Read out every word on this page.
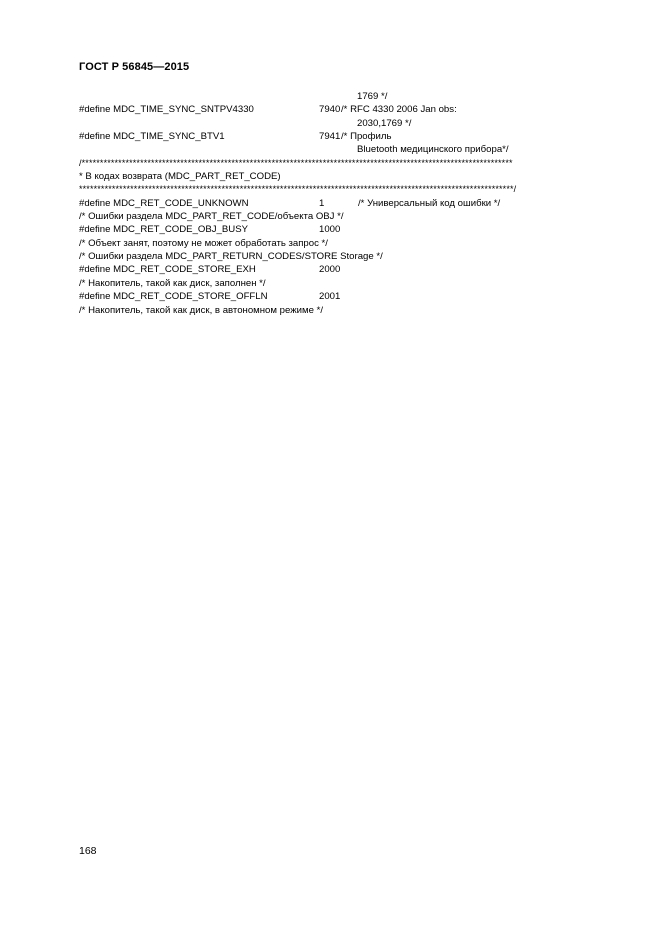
ГОСТ Р 56845—2015
1769 */
#define MDC_TIME_SYNC_SNTPV4330	7940 /* RFC 4330 2006 Jan obs:
2030,1769 */
#define MDC_TIME_SYNC_BTV1	7941 /* Профиль
Bluetooth медицинского прибора*/
/**********************************************************************************************************************
* В кодах возврата (MDC_PART_RET_CODE)
***********************************************************************************************************************/
#define MDC_RET_CODE_UNKNOWN	1	/* Универсальный код ошибки */
/* Ошибки раздела MDC_PART_RET_CODE/объекта OBJ */
#define MDC_RET_CODE_OBJ_BUSY	1000
/* Объект занят, поэтому не может обработать запрос */
/* Ошибки раздела MDC_PART_RETURN_CODES/STORE Storage */
#define MDC_RET_CODE_STORE_EXH	2000
/* Накопитель, такой как диск, заполнен */
#define MDC_RET_CODE_STORE_OFFLN	2001
/* Накопитель, такой как диск, в автономном режиме */
168
